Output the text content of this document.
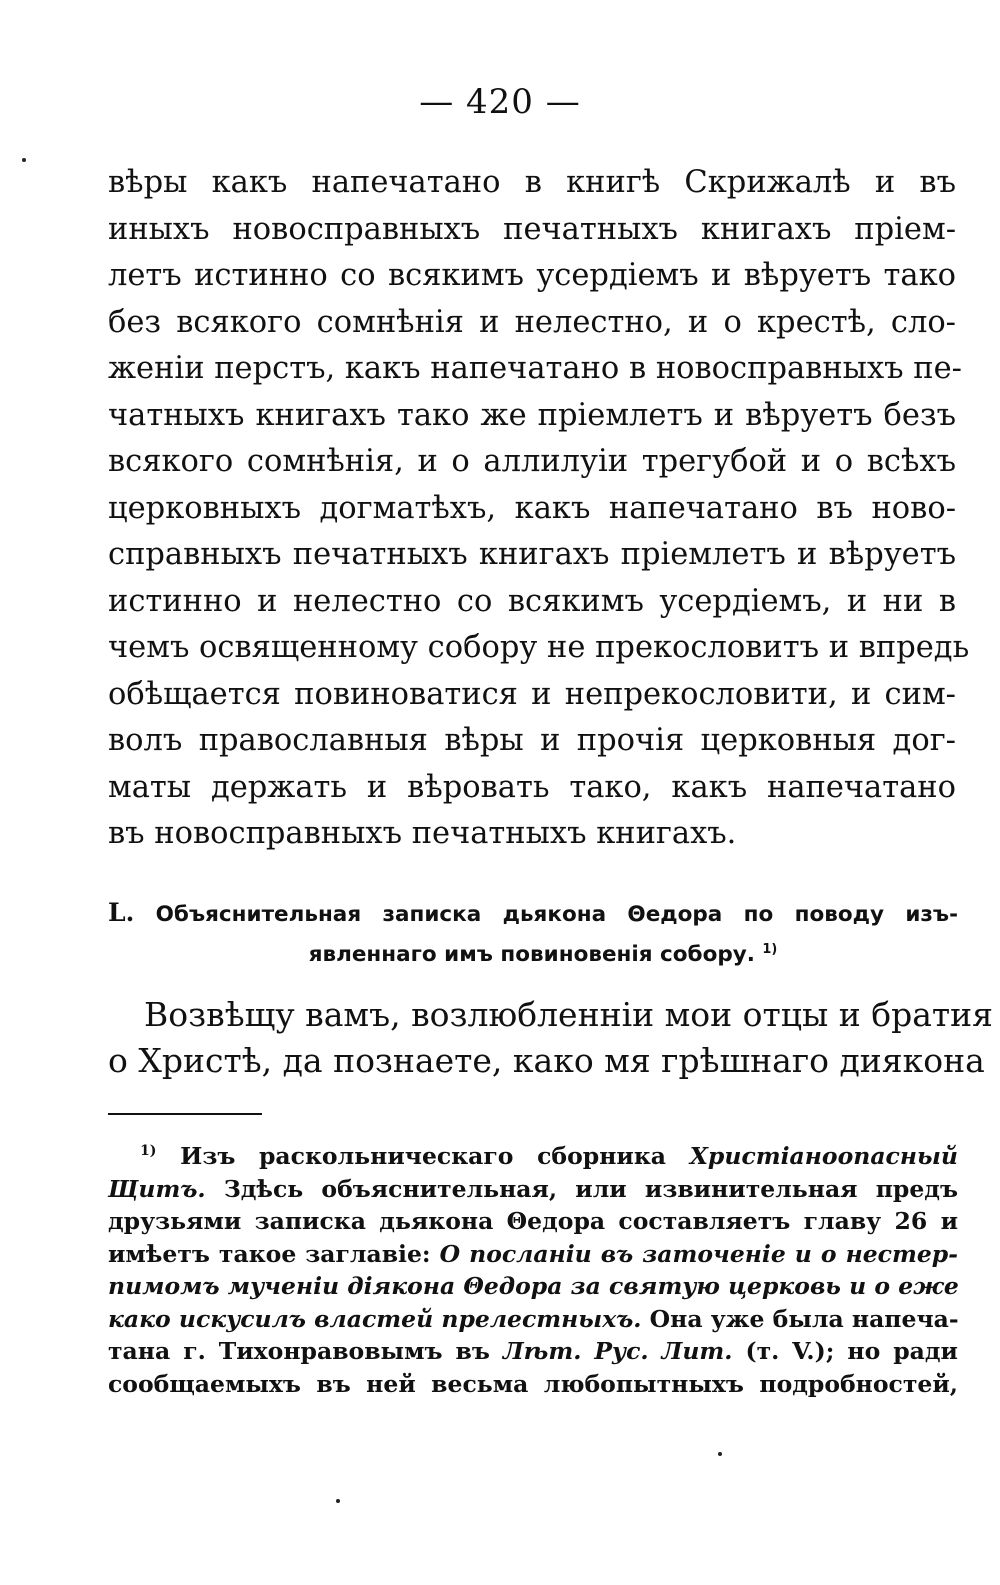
— 420 —
вѣры какъ напечатано в книгѣ Скрижалѣ и въ
иныхъ новосправныхъ печатныхъ книгахъ пріем-
летъ истинно со всякимъ усердіемъ и вѣруетъ тако
без всякого сомнѣнія и нелестно, и о крестѣ, сло-
женіи перстъ, какъ напечатано в новосправныхъ пе-
чатныхъ книгахъ тако же пріемлетъ и вѣруетъ безъ
всякого сомнѣнія, и о аллилуіи трегубой и о всѣхъ
церковныхъ догматѣхъ, какъ напечатано въ ново-
справныхъ печатныхъ книгахъ пріемлетъ и вѣруетъ
истинно и нелестно со всякимъ усердіемъ, и ни в
чемъ освященному собору не прекословитъ и впредь
обѣщается повиноватися и непрекословити, и сим-
волъ православныя вѣры и прочія церковныя дог-
маты держать и вѣровать тако, какъ напечатано
въ новосправныхъ печатныхъ книгахъ.
L. Объяснительная записка дьякона Θедора по поводу изъ-
явленнаго имъ повиновенія собору. $^{1)}$
Возвѣщу вамъ, возлюбленніи мои отцы и братия
о Христѣ, да познаете, како мя грѣшнаго диякона
$^{1)}$ Изъ раскольническаго сборника Христіаноопасный
Щитъ. Здѣсь объяснительная, или извинительная предъ
друзьями записка дьякона Θедора составляетъ главу 26 и
имѣетъ такое заглавіе: О посланіи въ заточеніе и о нестер-
пимомъ мученіи діякона Θедора за святую церковь и о еже
како искусилъ властей прелестныхъ. Она уже была напеча-
тана г. Тихонравовымъ въ Лѣт. Рус. Лит. (т. V.); но ради
сообщаемыхъ въ ней весьма любопытныхъ подробностей,
